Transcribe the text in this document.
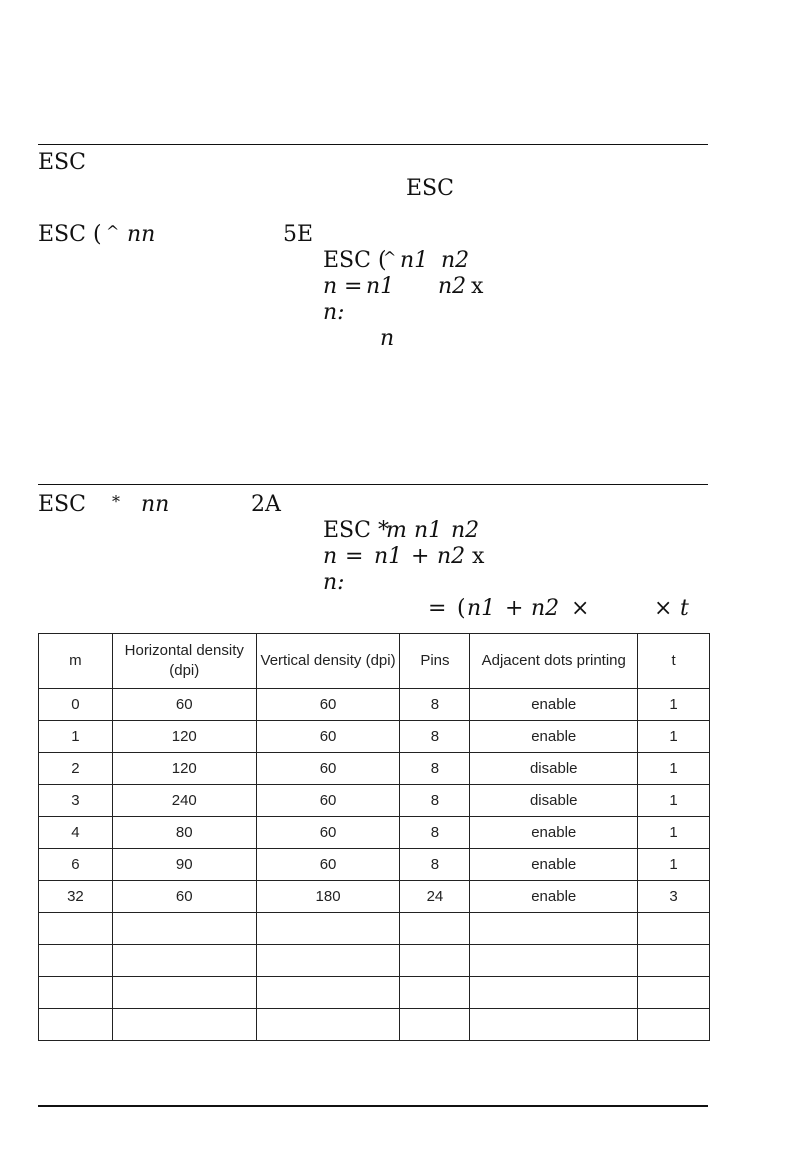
ESC
ESC
ESC ( ^ nn	5E
ESC (
^ n1 n2
n = n1 n2 x
n:
n
ESC * nn	2A
ESC *
m n1 n2
n = n1 + n2 x
n:
= ( n1 + n2 ×	× t
m	Horizontal density (dpi)	Vertical density (dpi)	Pins	Adjacent dots printing	t
0	60	60	8	enable	1
1	120	60	8	enable	1
2	120	60	8	disable	1
3	240	60	8	disable	1
4	80	60	8	enable	1
6	90	60	8	enable	1
32	60	180	24	enable	3
